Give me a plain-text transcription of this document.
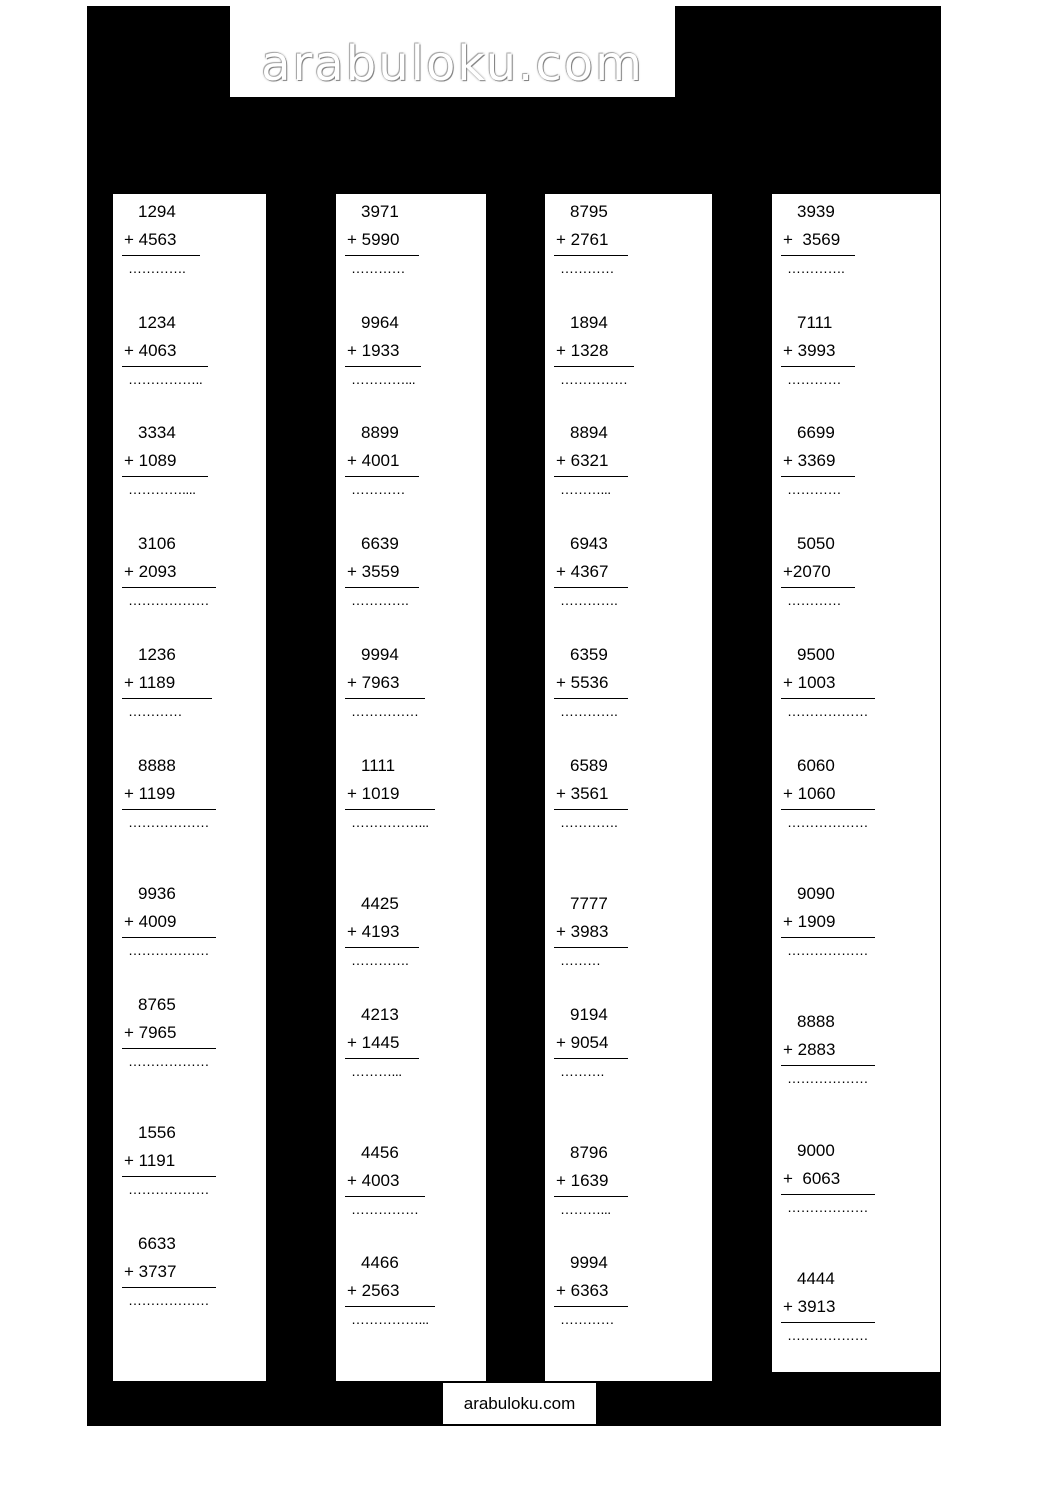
arabuloku.com
1294
+ 4563
………….
1234
+ 4063
……………..
3334
+ 1089
…………....
3106
+ 2093
………………
1236
+ 1189
…………
8888
+ 1199
………………
9936
+ 4009
………………
8765
+ 7965
………………
1556
+ 1191
………………
6633
+ 3737
………………
3971
+ 5990
…………
9964
+ 1933
…………...
8899
+ 4001
…………
6639
+ 3559
………….
9994
+ 7963
……………
1111
+ 1019
……………...
4425
+ 4193
………….
4213
+ 1445
………...
4456
+ 4003
……………
4466
+ 2563
……………...
8795
+ 2761
…………
1894
+ 1328
……………
8894
+ 6321
………...
6943
+ 4367
………….
6359
+ 5536
………….
6589
+ 3561
………….
7777
+ 3983
………
9194
+ 9054
……….
8796
+ 1639
………...
9994
+ 6363
…………
3939
+  3569
………….
7111
+ 3993
…………
6699
+ 3369
…………
5050
+2070
…………
9500
+ 1003
………………
6060
+ 1060
………………
9090
+ 1909
………………
8888
+ 2883
………………
9000
+  6063
………………
4444
+ 3913
………………
arabuloku.com
